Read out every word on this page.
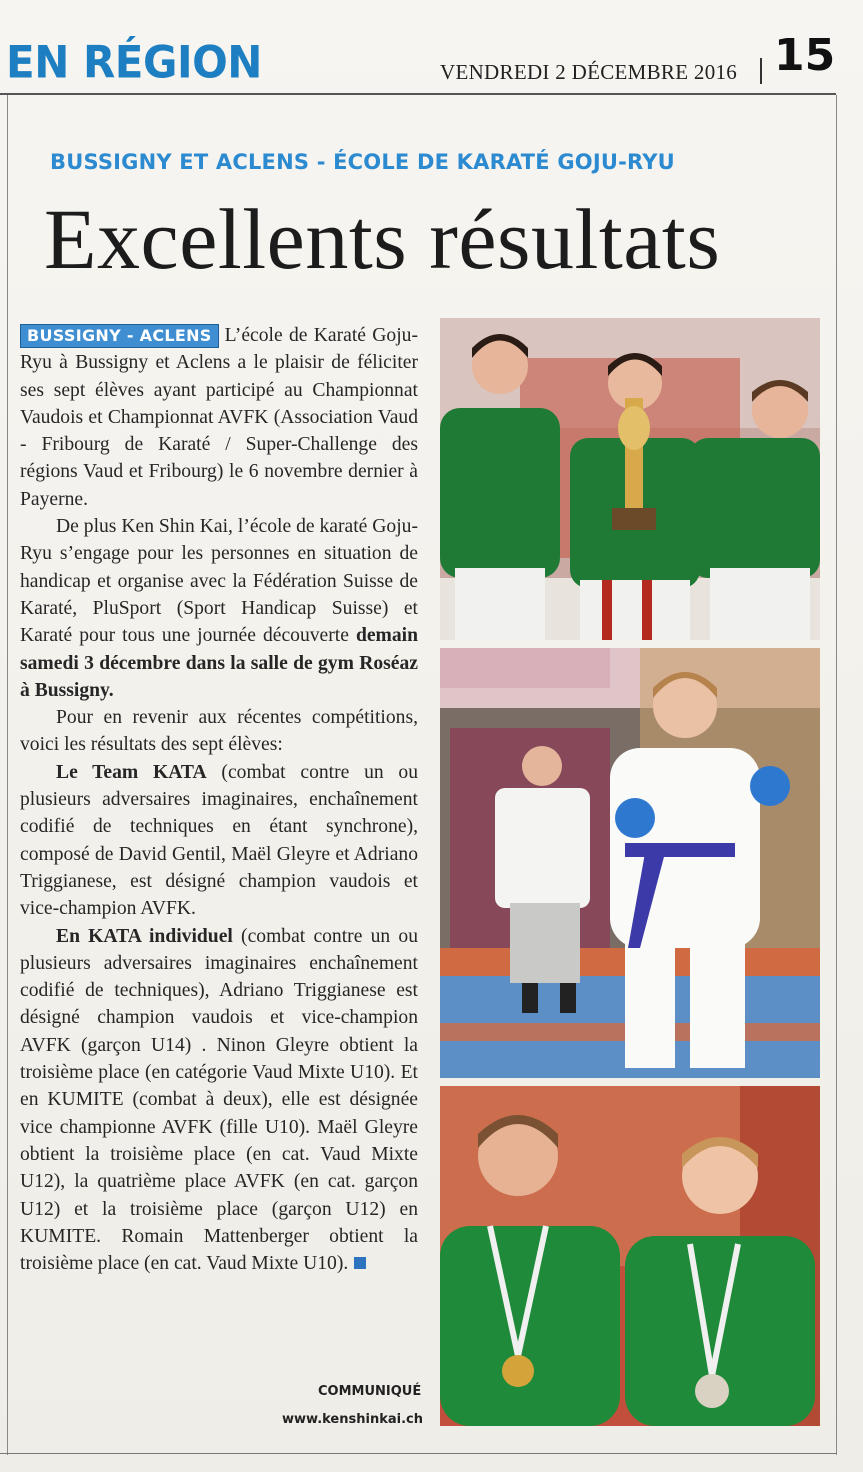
EN RÉGION	VENDREDI 2 DÉCEMBRE 2016 15
BUSSIGNY ET ACLENS - ÉCOLE DE KARATÉ GOJU-RYU
Excellents résultats

BUSSIGNY - ACLENS L’école de Karaté Goju-Ryu à Bussigny et Aclens a le plaisir de féliciter ses sept élèves ayant participé au Championnat Vaudois et Championnat AVFK (Association Vaud - Fribourg de Karaté / Super-Challenge des régions Vaud et Fribourg) le 6 novembre dernier à Payerne.

De plus Ken Shin Kai, l’école de karaté Goju-Ryu s’engage pour les personnes en situation de handicap et organise avec la Fédération Suisse de Karaté, PluSport (Sport Handicap Suisse) et Karaté pour tous une journée découverte demain samedi 3 décembre dans la salle de gym Roséaz à Bussigny.

Pour en revenir aux récentes compétitions, voici les résultats des sept élèves:

Le Team KATA (combat contre un ou plusieurs adversaires imaginaires, enchaînement codifié de techniques en étant synchrone), composé de David Gentil, Maël Gleyre et Adriano Triggianese, est désigné champion vaudois et vice-champion AVFK.

En KATA individuel (combat contre un ou plusieurs adversaires imaginaires enchaînement codifié de techniques), Adriano Triggianese est désigné champion vaudois et vice-champion AVFK (garçon U14) . Ninon Gleyre obtient la troisième place (en catégorie Vaud Mixte U10). Et en KUMITE (combat à deux), elle est désignée vice championne AVFK (fille U10). Maël Gleyre obtient la troisième place (en cat. Vaud Mixte U12), la quatrième place AVFK (en cat. garçon U12) et la troisième place (garçon U12) en KUMITE. Romain Mattenberger obtient la troisième place (en cat. Vaud Mixte U10).

COMMUNIQUÉ
www.kenshinkai.ch
